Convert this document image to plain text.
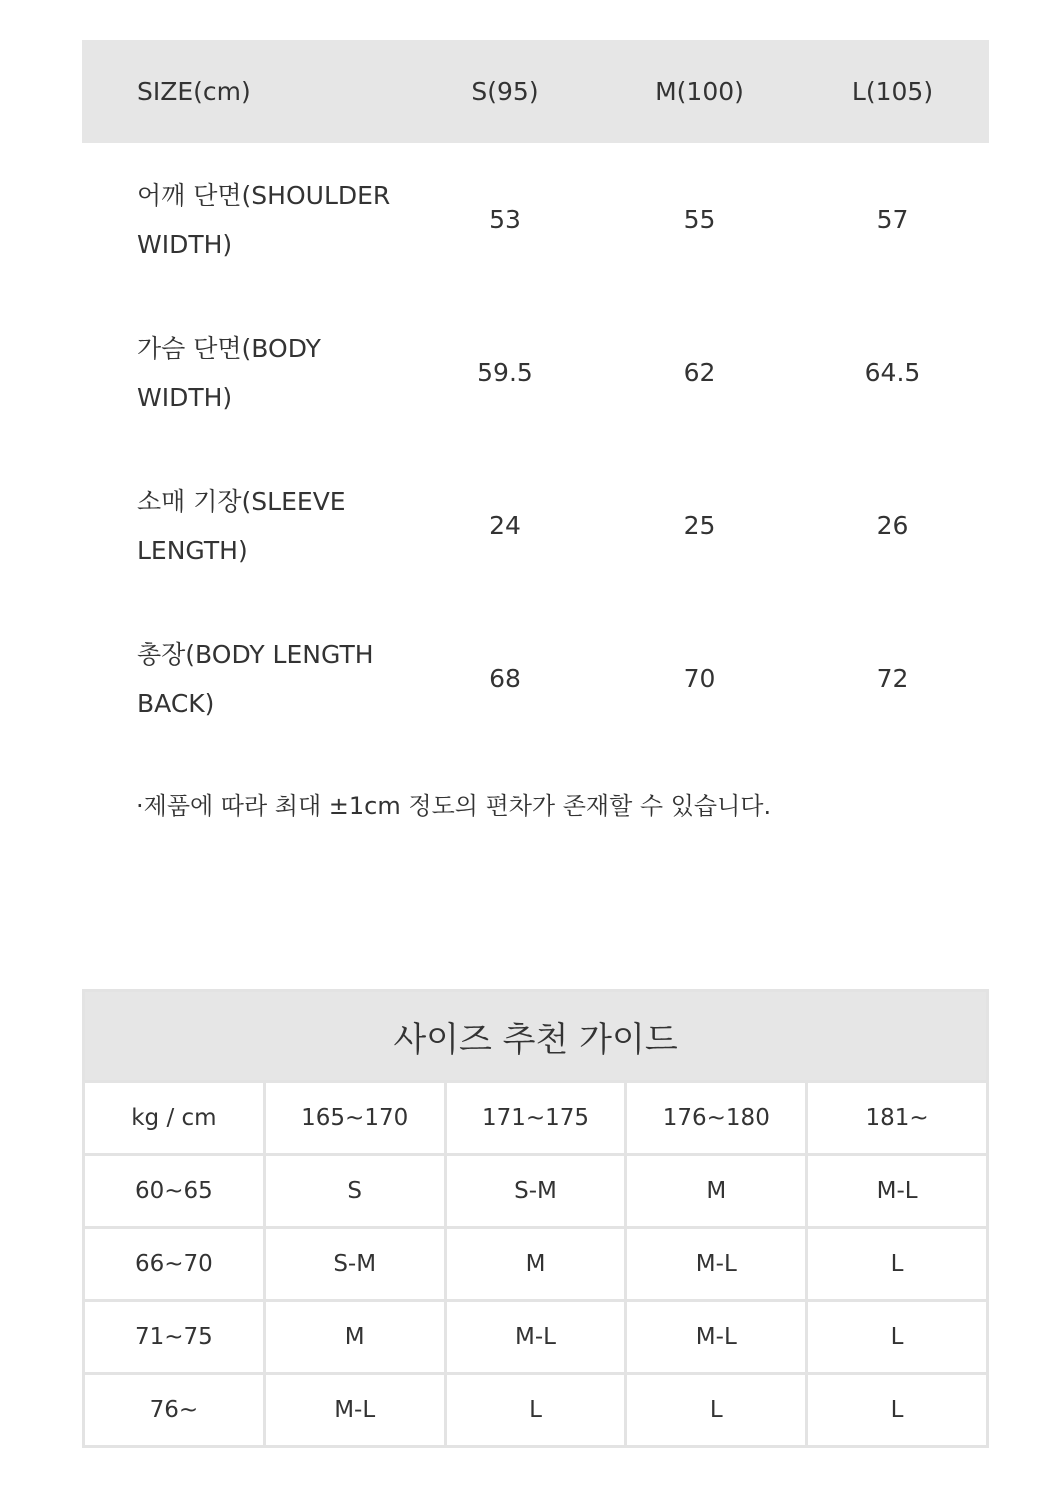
SIZE(cm)	S(95)	M(100)	L(105)
어깨 단면(SHOULDER
WIDTH)
53	55	57
가슴 단면(BODY
WIDTH)
59.5	62	64.5
소매 기장(SLEEVE
LENGTH)
24	25	26
총장(BODY LENGTH
BACK)
68	70	72
·제품에 따라 최대 ±1cm 정도의 편차가 존재할 수 있습니다.
사이즈 추천 가이드
kg / cm	165~170	171~175	176~180	181~
60~65	S	S-M	M	M-L
66~70	S-M	M	M-L	L
71~75	M	M-L	M-L	L
76~	M-L	L	L	L
